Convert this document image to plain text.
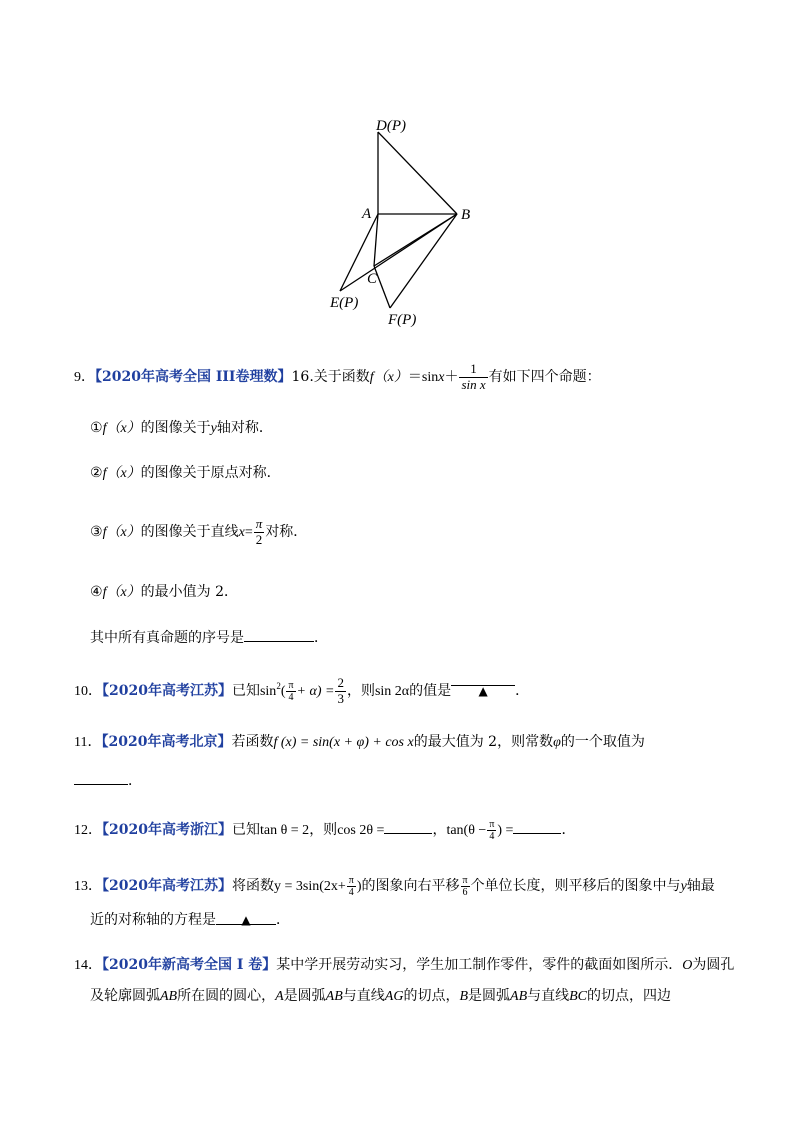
D(P)
A	B
C
E(P)
F(P)
9．【2020年高考全国 III卷理数】16.关于函数$f(x)=\sin x+ \frac{1}{\text{sin x}}$ 有如下四个命题：
①f（x）的图像关于y轴对称．
②f（x）的图像关于原点对称．
③f（x）的图像关于直线$x= \frac{\pi}{2}$ 对称．
④f（x）的最小值为 2．
其中所有真命题的序号是	．
10．【2020年高考江苏】已知$\sin^2( \frac{\pi}{4} + \alpha) = \frac{2}{3}$ ，则sin 2α的值是 ▲ ．
11．【2020年高考北京】若函数f (x) = sin(x + φ) + cos x的最大值为 2，则常数φ的一个取值为
．
12．【2020年高考浙江】已知tan θ = 2，则cos 2θ =	，$\tan(\theta - \frac{\pi}{4}$ ) =	．
13．【2020年高考江苏】将函数$y = 3\sin(2x+ \frac{\pi}{4}$ )的图象向右平移 $\frac{\pi}{6}$ 个单位长度，则平移后的图象中与y轴最
近的对称轴的方程是 ▲ ．
14．【2020年新高考全国 I 卷】某中学开展劳动实习，学生加工制作零件，零件的截面如图所示．O为圆孔
及轮廓圆弧AB所在圆的圆心，A是圆弧AB与直线AG的切点，B是圆弧AB与直线BC的切点，四边
